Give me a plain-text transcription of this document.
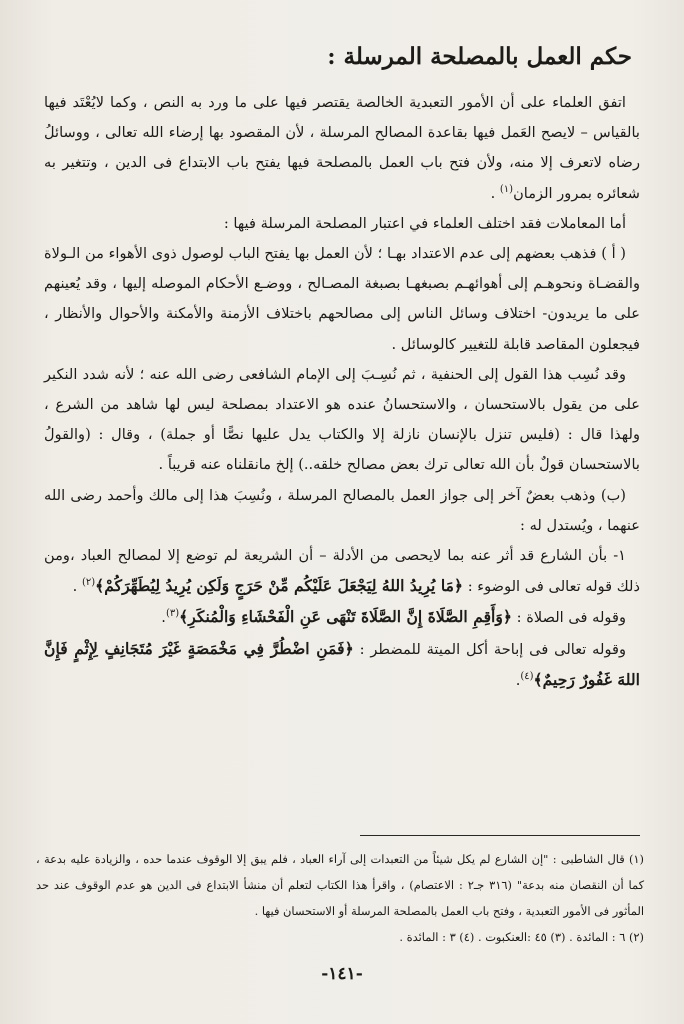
حكم العمل بالمصلحة المرسلة :

اتفق العلماء على أن الأمور التعبدية الخالصة يقتصر فيها على ما ورد به النص ، وكما لايُعْتَد فيها بالقياس – لايصح العَمل فيها بقاعدة المصالح المرسلة ، لأن المقصود بها إرضاء الله تعالى ، ووسائلُ رضاه لاتعرف إلا منه، ولأن فتح باب العمل بالمصلحة فيها يفتح باب الابتداع فى الدين ، وتتغير به شعائره بمرور الزمان$^{(١)}$ .

أما المعاملات فقد اختلف العلماء في اعتبار المصلحة المرسلة فيها :

( أ ) فذهب بعضهم إلى عدم الاعتداد بهـا ؛ لأن العمل بها يفتح الباب لوصول ذوى الأهواء من الـولاة والقضـاة ونحوهـم إلى أهوائهـم بصبغهـا بصبغة المصـالح ، ووضـع الأحكام الموصله إليها ، وقد يُعينهم على ما يريدون- اختلاف وسائل الناس إلى مصالحهم باختلاف الأزمنة والأمكنة والأحوال والأنظار ، فيجعلون المقاصد قابلة للتغيير كالوسائل .

وقد نُسِب هذا القول إلى الحنفية ، ثم نُسِـبَ إلى الإمام الشافعى رضى الله عنه ؛ لأنه شدد النكير على من يقول بالاستحسان ، والاستحسانُ عنده هو الاعتداد بمصلحة ليس لها شاهد من الشرع ، ولهذا قال : (فليس تنزل بالإنسان نازلة إلا والكتاب يدل عليها نصًّا أو جملة) ، وقال : (والقولُ بالاستحسان قولٌ بأن الله تعالى ترك بعض مصالح خلقه..) إلخ مانقلناه عنه قريباً .

(ب) وذهب بعضٌ آخر إلى جواز العمل بالمصالح المرسلة ، ونُسِبَ هذا إلى مالك وأحمد رضى الله عنهما ، ويُستدل له :

١- بأن الشارع قد أثر عنه بما لايحصى من الأدلة – أن الشريعة لم توضع إلا لمصالح العباد ،ومن ذلك قوله تعالى فى الوضوء : ﴿مَا يُرِيدُ اللهُ لِيَجْعَلَ عَلَيْكُم مِّنْ حَرَجٍ وَلَكِن يُرِيدُ لِيُطَهِّرَكُمْ﴾$^{(٢)}$ .

وقوله فى الصلاة : ﴿وَأَقِمِ الصَّلَاةَ إِنَّ الصَّلَاةَ تَنْهَى عَنِ الْفَحْشَاءِ وَالْمُنكَرِ﴾$^{(٣)}$.

وقوله تعالى فى إباحة أكل الميتة للمضطر : ﴿فَمَنِ اضْطُرَّ فِي مَخْمَصَةٍ غَيْرَ مُتَجَانِفٍ لِإِثْمٍ فَإِنَّ اللهَ غَفُورٌ رَحِيمٌ﴾$^{(٤)}$.

(١) قال الشاطبى : "إن الشارع لم يكل شيئاً من التعبدات إلى آراء العباد ، فلم يبق إلا الوقوف عندما حده ، والزيادة عليه بدعة ، كما أن النقصان منه بدعة" (٣١٦ جـ٢ : الاعتصام) ، واقرأ هذا الكتاب لتعلم أن منشأ الابتداع فى الدين هو عدم الوقوف عند حد المأثور فى الأمور التعبدية ، وفتح باب العمل بالمصلحة المرسلة أو الاستحسان فيها .

(٢) ٦ : المائدة . (٣) ٤٥ :العنكبوت . (٤) ٣ : المائدة .

-١٤١-
